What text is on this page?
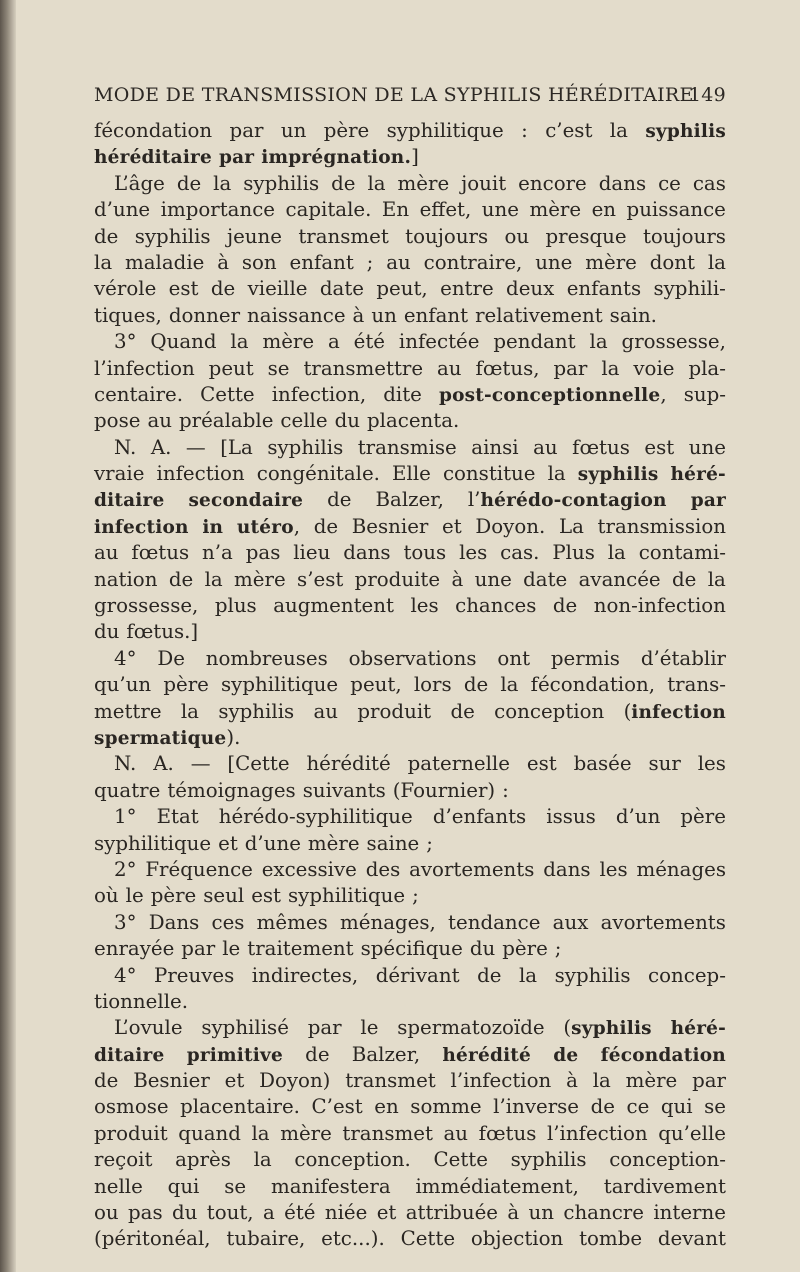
MODE DE TRANSMISSION DE LA SYPHILIS HÉRÉDITAIRE
149
fécondation par un père syphilitique : c’est la syphilis
héréditaire par imprégnation.]
L’âge de la syphilis de la mère jouit encore dans ce cas
d’une importance capitale. En effet, une mère en puissance
de syphilis jeune transmet toujours ou presque toujours
la maladie à son enfant ; au contraire, une mère dont la
vérole est de vieille date peut, entre deux enfants syphili-
tiques, donner naissance à un enfant relativement sain.
3° Quand la mère a été infectée pendant la grossesse,
l’infection peut se transmettre au fœtus, par la voie pla-
centaire. Cette infection, dite post-conceptionnelle, sup-
pose au préalable celle du placenta.
N. A. — [La syphilis transmise ainsi au fœtus est une
vraie infection congénitale. Elle constitue la syphilis héré-
ditaire secondaire de Balzer, l’hérédo-contagion par
infection in utéro, de Besnier et Doyon. La transmission
au fœtus n’a pas lieu dans tous les cas. Plus la contami-
nation de la mère s’est produite à une date avancée de la
grossesse, plus augmentent les chances de non-infection
du fœtus.]
4° De nombreuses observations ont permis d’établir
qu’un père syphilitique peut, lors de la fécondation, trans-
mettre la syphilis au produit de conception (infection
spermatique).
N. A. — [Cette hérédité paternelle est basée sur les
quatre témoignages suivants (Fournier) :
1° Etat hérédo-syphilitique d’enfants issus d’un père
syphilitique et d’une mère saine ;
2° Fréquence excessive des avortements dans les ménages
où le père seul est syphilitique ;
3° Dans ces mêmes ménages, tendance aux avortements
enrayée par le traitement spécifique du père ;
4° Preuves indirectes, dérivant de la syphilis concep-
tionnelle.
L’ovule syphilisé par le spermatozoïde (syphilis héré-
ditaire primitive de Balzer, hérédité de fécondation
de Besnier et Doyon) transmet l’infection à la mère par
osmose placentaire. C’est en somme l’inverse de ce qui se
produit quand la mère transmet au fœtus l’infection qu’elle
reçoit après la conception. Cette syphilis conception-
nelle qui se manifestera immédiatement, tardivement
ou pas du tout, a été niée et attribuée à un chancre interne
(péritonéal, tubaire, etc...). Cette objection tombe devant
